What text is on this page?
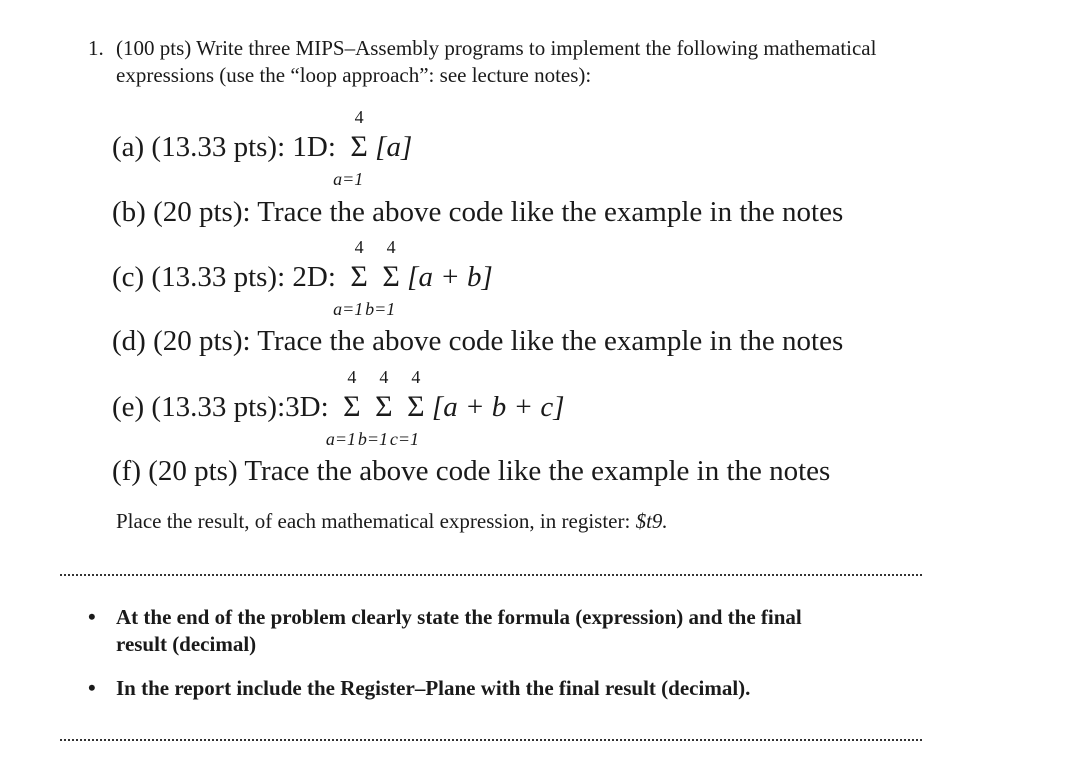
1. (100 pts) Write three MIPS–Assembly programs to implement the following mathematical
expressions (use the “loop approach”: see lecture notes):
(a) (13.33 pts): 1D: Σ
4
a=1
[a]
(b) (20 pts): Trace the above code like the example in the notes
(c) (13.33 pts): 2D: Σ
4
a=1
Σ
4
b=1
[a + b]
(d) (20 pts): Trace the above code like the example in the notes
(e) (13.33 pts):3D: Σ
4
a=1
Σ
4
b=1
Σ
4
c=1
[a + b + c]
(f) (20 pts) Trace the above code like the example in the notes
Place the result, of each mathematical expression, in register: $t9.
• At the end of the problem clearly state the formula (expression) and the final
result (decimal)
• In the report include the Register–Plane with the final result (decimal).
